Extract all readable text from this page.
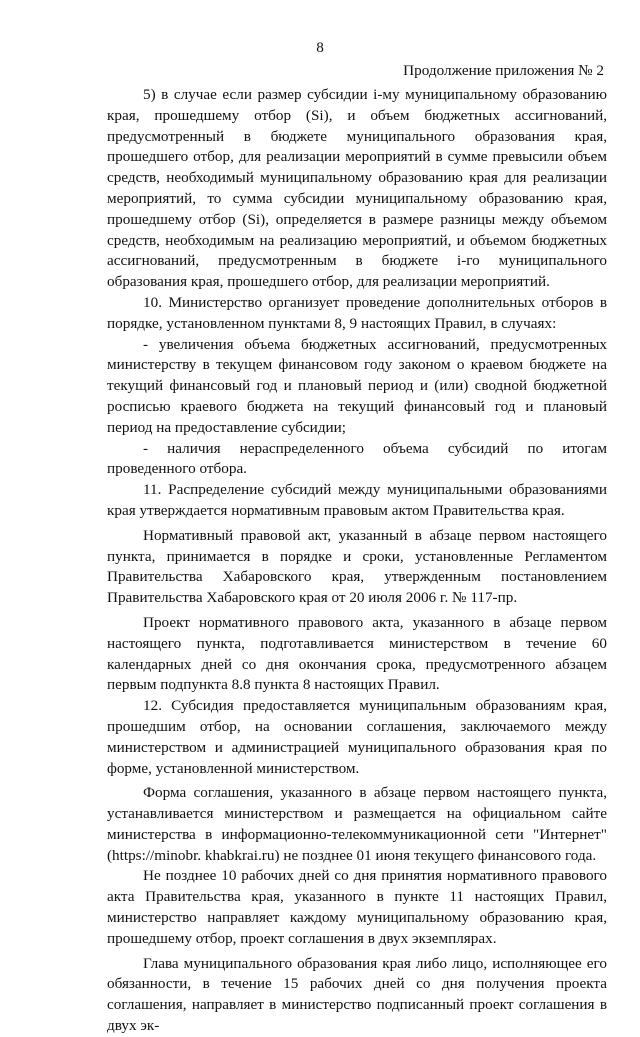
8
Продолжение приложения № 2

5) в случае если размер субсидии i-му муниципальному образованию края, прошедшему отбор (Si), и объем бюджетных ассигнований, предусмотренный в бюджете муниципального образования края, прошедшего отбор, для реализации мероприятий в сумме превысили объем средств, необходимый муниципальному образованию края для реализации мероприятий, то сумма субсидии муниципальному образованию края, прошедшему отбор (Si), определяется в размере разницы между объемом средств, необходимым на реализацию мероприятий, и объемом бюджетных ассигнований, предусмотренным в бюджете i-го муниципального образования края, прошедшего отбор, для реализации мероприятий.

10. Министерство организует проведение дополнительных отборов в порядке, установленном пунктами 8, 9 настоящих Правил, в случаях:

- увеличения объема бюджетных ассигнований, предусмотренных министерству в текущем финансовом году законом о краевом бюджете на текущий финансовый год и плановый период и (или) сводной бюджетной росписью краевого бюджета на текущий финансовый год и плановый период на предоставление субсидии;

- наличия нераспределенного объема субсидий по итогам проведенного отбора.

11. Распределение субсидий между муниципальными образованиями края утверждается нормативным правовым актом Правительства края.

Нормативный правовой акт, указанный в абзаце первом настоящего пункта, принимается в порядке и сроки, установленные Регламентом Правительства Хабаровского края, утвержденным постановлением Правительства Хабаровского края от 20 июля 2006 г. № 117-пр.

Проект нормативного правового акта, указанного в абзаце первом настоящего пункта, подготавливается министерством в течение 60 календарных дней со дня окончания срока, предусмотренного абзацем первым подпункта 8.8 пункта 8 настоящих Правил.

12. Субсидия предоставляется муниципальным образованиям края, прошедшим отбор, на основании соглашения, заключаемого между министерством и администрацией муниципального образования края по форме, установленной министерством.

Форма соглашения, указанного в абзаце первом настоящего пункта, устанавливается министерством и размещается на официальном сайте министерства в информационно-телекоммуникационной сети "Интернет" (https://minobr. khabkrai.ru) не позднее 01 июня текущего финансового года.

Не позднее 10 рабочих дней со дня принятия нормативного правового акта Правительства края, указанного в пункте 11 настоящих Правил, министерство направляет каждому муниципальному образованию края, прошедшему отбор, проект соглашения в двух экземплярах.

Глава муниципального образования края либо лицо, исполняющее его обязанности, в течение 15 рабочих дней со дня получения проекта соглашения, направляет в министерство подписанный проект соглашения в двух эк-
